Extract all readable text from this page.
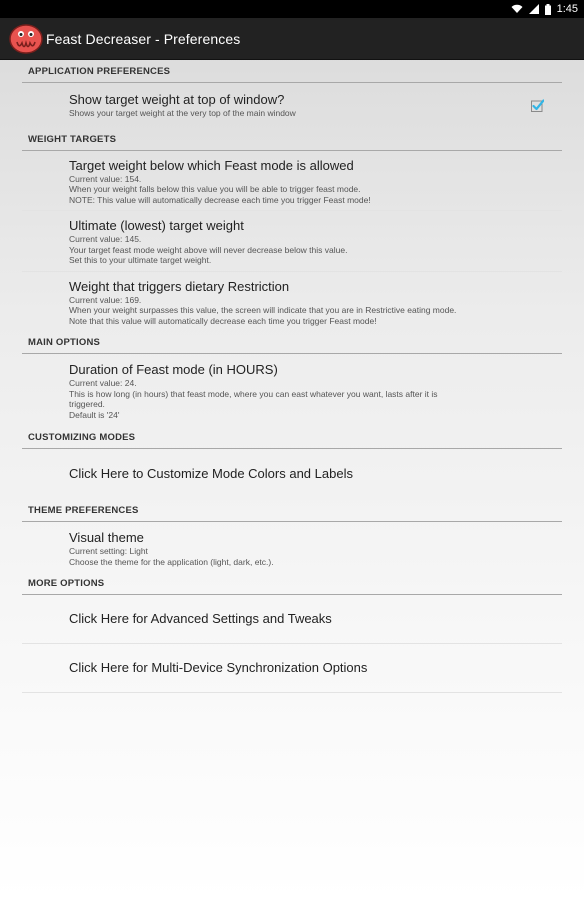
1:45
Feast Decreaser - Preferences
APPLICATION PREFERENCES
Show target weight at top of window?
Shows your target weight at the very top of the main window
WEIGHT TARGETS
Target weight below which Feast mode is allowed
Current value: 154.
When your weight falls below this value you will be able to trigger feast mode.
NOTE: This value will automatically decrease each time you trigger Feast mode!
Ultimate (lowest) target weight
Current value: 145.
Your target feast mode weight above will never decrease below this value.
Set this to your ultimate target weight.
Weight that triggers dietary Restriction
Current value: 169.
When your weight surpasses this value, the screen will indicate that you are in Restrictive eating mode.
Note that this value will automatically decrease each time you trigger Feast mode!
MAIN OPTIONS
Duration of Feast mode (in HOURS)
Current value: 24.
This is how long (in hours) that feast mode, where you can east whatever you want, lasts after it is
triggered.
Default is '24'
CUSTOMIZING MODES
Click Here to Customize Mode Colors and Labels
THEME PREFERENCES
Visual theme
Current setting: Light
Choose the theme for the application (light, dark, etc.).
MORE OPTIONS
Click Here for Advanced Settings and Tweaks
Click Here for Multi-Device Synchronization Options
